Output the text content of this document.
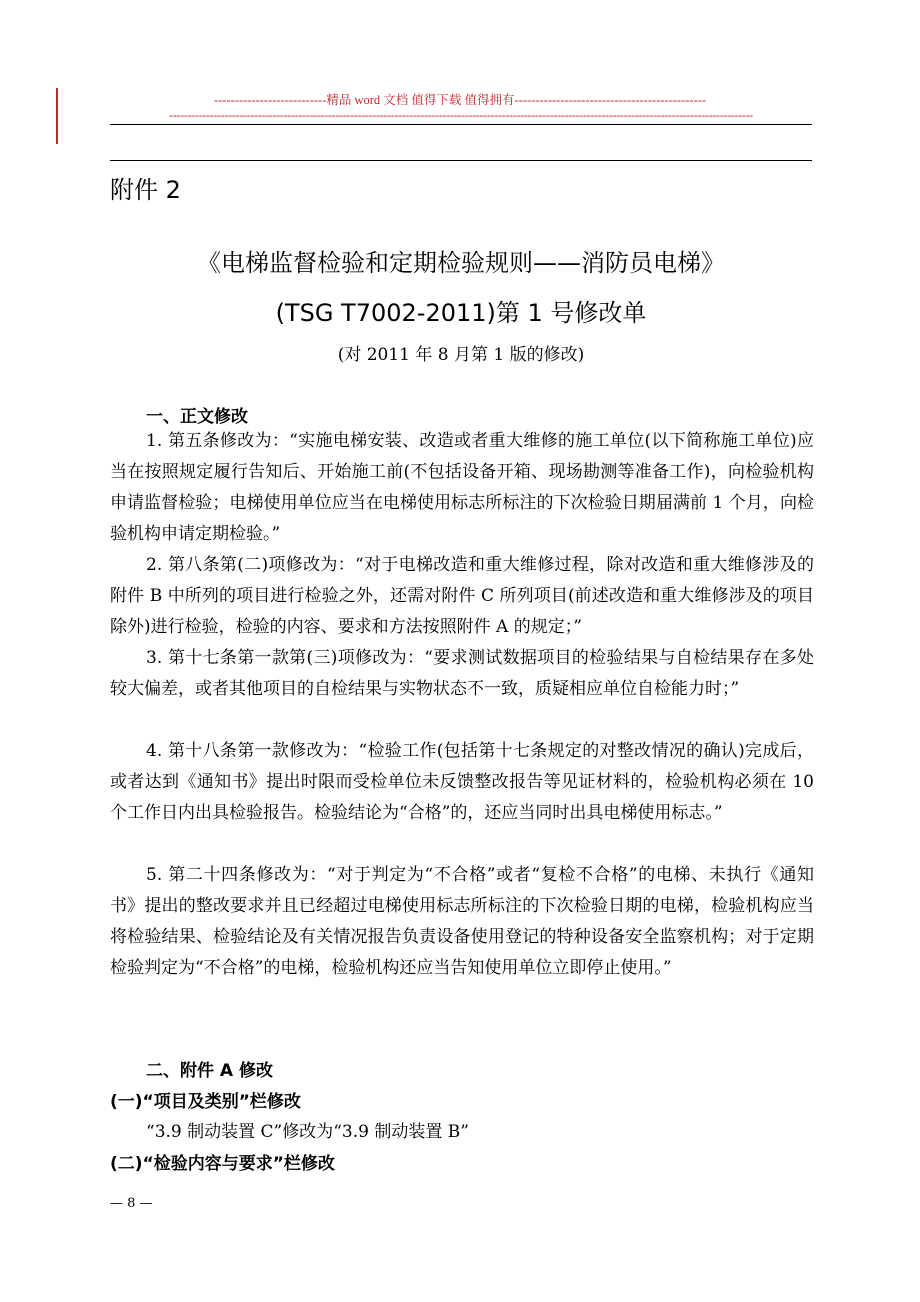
---------------------------精品 word 文档 值得下载 值得拥有----------------------------------------------
--------------------------------------------------------------------------------------------------------------------------------------------------------------
附件 2
《电梯监督检验和定期检验规则——消防员电梯》
(TSG T7002-2011)第 1 号修改单
(对 2011 年 8 月第 1 版的修改)
一、正文修改
1. 第五条修改为：“实施电梯安装、改造或者重大维修的施工单位(以下简称施工单位)应当在按照规定履行告知后、开始施工前(不包括设备开箱、现场勘测等准备工作)，向检验机构申请监督检验；电梯使用单位应当在电梯使用标志所标注的下次检验日期届满前 1 个月，向检验机构申请定期检验。”
2. 第八条第(二)项修改为：“对于电梯改造和重大维修过程，除对改造和重大维修涉及的附件 B 中所列的项目进行检验之外，还需对附件 C 所列项目(前述改造和重大维修涉及的项目除外)进行检验，检验的内容、要求和方法按照附件 A 的规定；”
3. 第十七条第一款第(三)项修改为：“要求测试数据项目的检验结果与自检结果存在多处较大偏差，或者其他项目的自检结果与实物状态不一致，质疑相应单位自检能力时；”
4. 第十八条第一款修改为：“检验工作(包括第十七条规定的对整改情况的确认)完成后，或者达到《通知书》提出时限而受检单位未反馈整改报告等见证材料的，检验机构必须在 10 个工作日内出具检验报告。检验结论为“合格”的，还应当同时出具电梯使用标志。”
5. 第二十四条修改为：“对于判定为“不合格”或者“复检不合格”的电梯、未执行《通知书》提出的整改要求并且已经超过电梯使用标志所标注的下次检验日期的电梯，检验机构应当将检验结果、检验结论及有关情况报告负责设备使用登记的特种设备安全监察机构；对于定期检验判定为“不合格”的电梯，检验机构还应当告知使用单位立即停止使用。”
二、附件 A 修改
(一)“项目及类别”栏修改
“3.9 制动装置 C”修改为“3.9 制动装置 B”
(二)“检验内容与要求”栏修改
— 8 —
